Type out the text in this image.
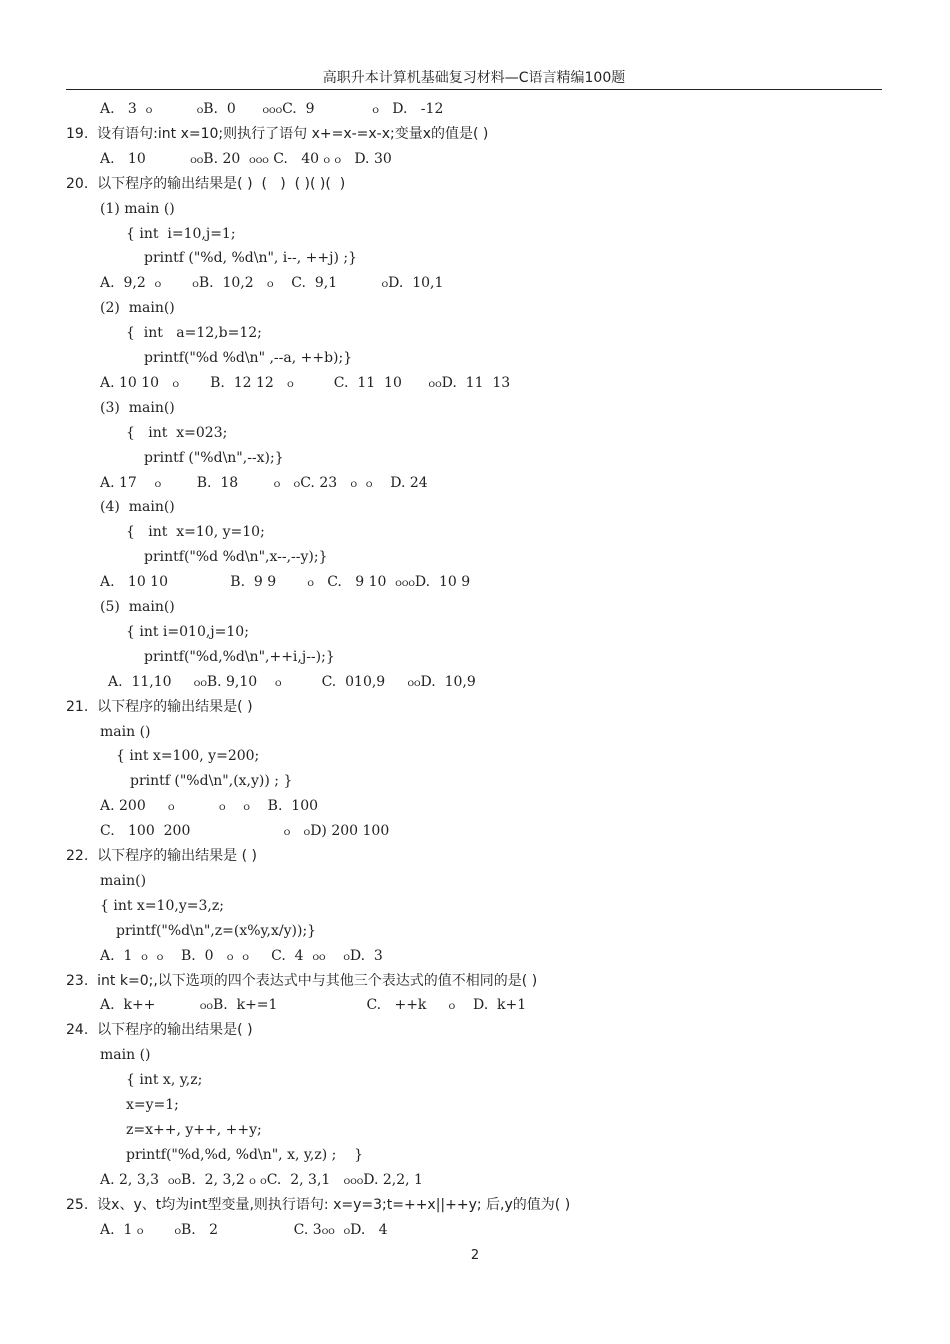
高职升本计算机基础复习材料—C语言精编100题
A.   3  ჿ          ჿB.  0      ჿჿჿC.  9             ჿ   D.   -12
19.  设有语句:int x=10;则执行了语句 x+=x-=x-x;变量x的值是( )
A.   10          ჿჿB. 20  ჿჿჿ C.   40 ჿ ჿ   D. 30
20.  以下程序的输出结果是( )  (   )  ( )( )(  )
(1) main ()
{ int  i=10,j=1;
printf ("%d, %d\n", i--, ++j) ;}
A.  9,2  ჿ       ჿB.  10,2   ჿ    C.  9,1          ჿD.  10,1
(2)  main()
{  int   a=12,b=12;
printf("%d %d\n" ,--a, ++b);}
A. 10 10   ჿ       B.  12 12   ჿ         C.  11  10      ჿჿD.  11  13
(3)  main()
{   int  x=023;
printf ("%d\n",--x);}
A. 17    ჿ        B.  18        ჿ   ჿC. 23   ჿ  ჿ    D. 24
(4)  main()
{   int  x=10, y=10;
printf("%d %d\n",x--,--y);}
A.   10 10              B.  9 9       ჿ   C.   9 10  ჿჿჿD.  10 9
(5)  main()
{ int i=010,j=10;
printf("%d,%d\n",++i,j--);}
A.  11,10     ჿჿB. 9,10    ჿ         C.  010,9     ჿჿD.  10,9
21.  以下程序的输出结果是( )
main ()
{ int x=100, y=200;
printf ("%d\n",(x,y)) ; }
A. 200     ჿ          ჿ    ჿ    B.  100
C.   100  200                     ჿ   ჿD) 200 100
22.  以下程序的输出结果是 ( )
main()
{ int x=10,y=3,z;
printf("%d\n",z=(x%y,x/y));}
A.  1  ჿ  ჿ    B.  0   ჿ  ჿ     C.  4  ჿჿ    ჿD.  3
23.  int k=0;,以下选项的四个表达式中与其他三个表达式的值不相同的是( )
A.  k++          ჿჿB.  k+=1                    C.   ++k     ჿ    D.  k+1
24.  以下程序的输出结果是( )
main ()
{ int x, y,z;
x=y=1;
z=x++, y++, ++y;
printf("%d,%d, %d\n", x, y,z) ;    }
A. 2, 3,3  ჿჿB.  2, 3,2 ჿ ჿC.  2, 3,1   ჿჿჿD. 2,2, 1
25.  设x、y、t均为int型变量,则执行语句: x=y=3;t=++x||++y; 后,y的值为( )
A.  1 ჿ       ჿB.   2                 C. 3ჿჿ  ჿD.   4
2
